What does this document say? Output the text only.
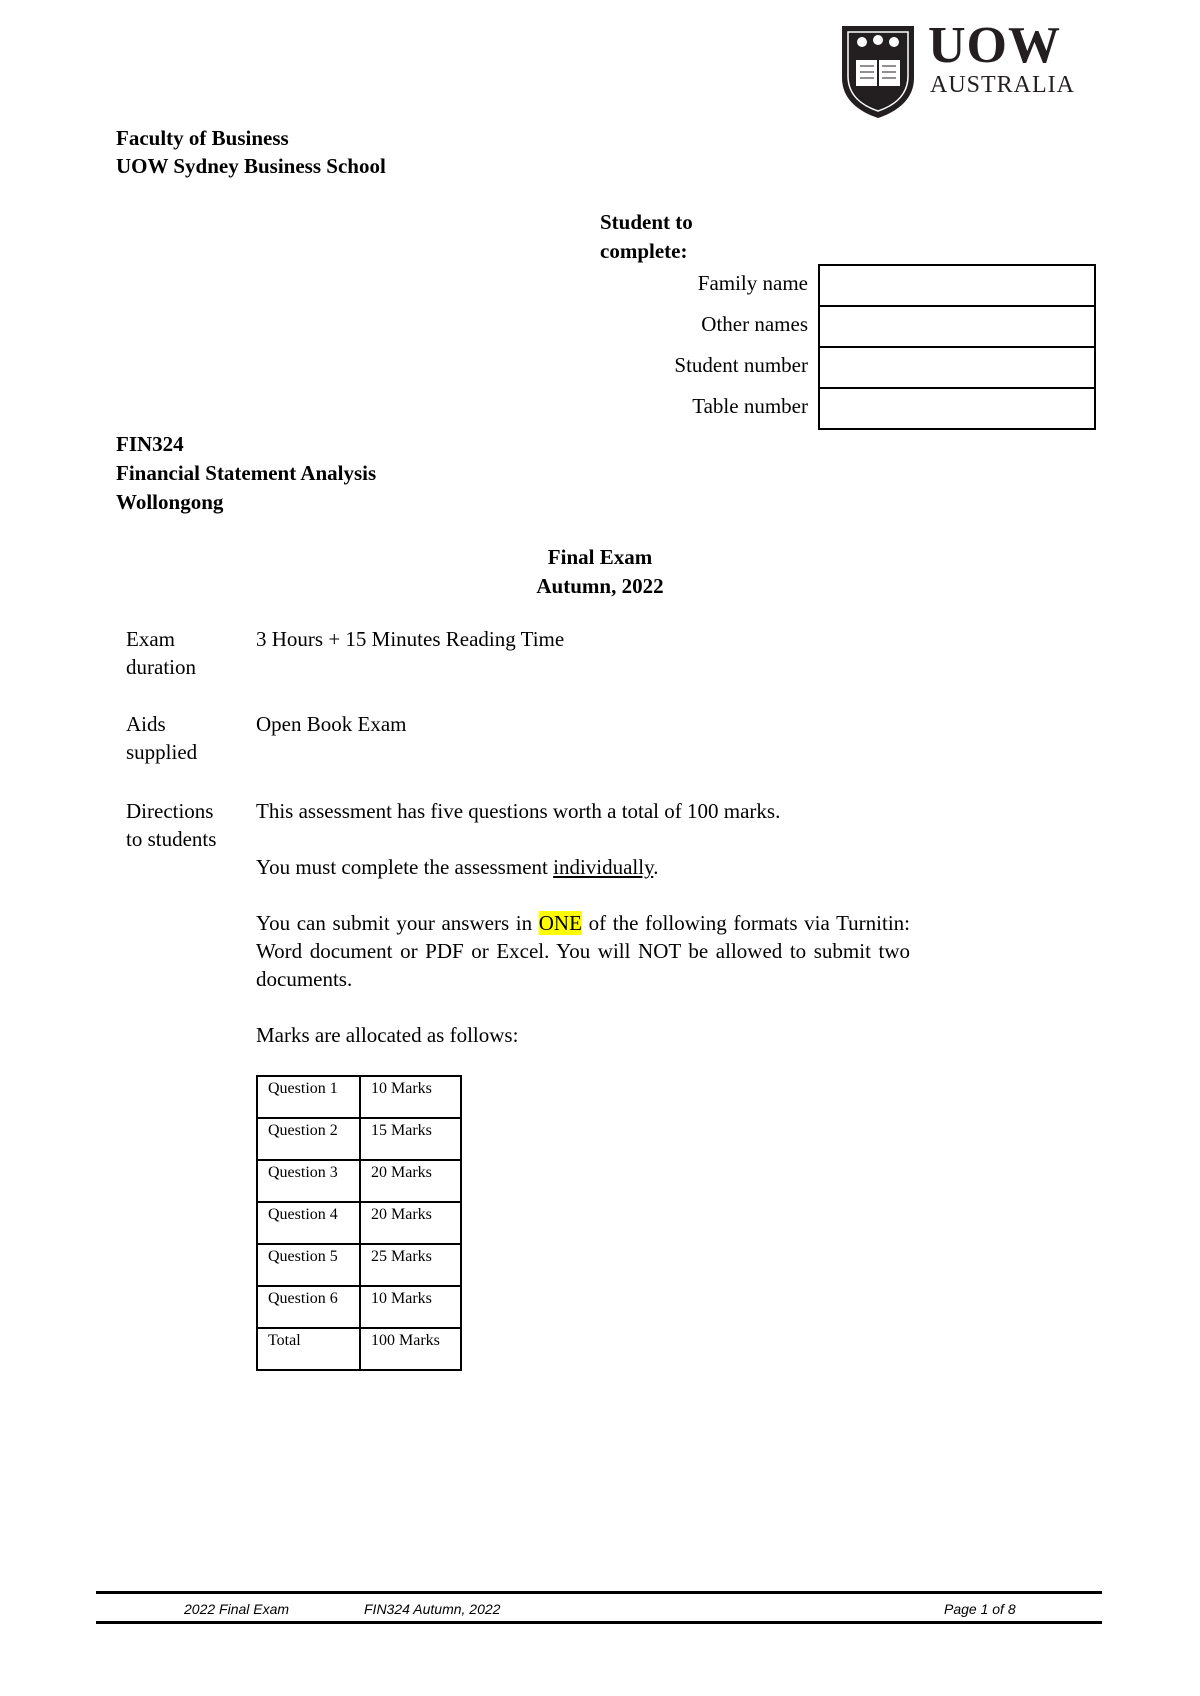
UOW
AUSTRALIA
Faculty of Business
UOW Sydney Business School
Student to
complete:
Family name
Other names
Student number
Table number
FIN324
Financial Statement Analysis
Wollongong
Final Exam
Autumn, 2022
Exam
duration
3 Hours + 15 Minutes Reading Time
Aids
supplied
Open Book Exam
Directions
to students

This assessment has five questions worth a total of 100 marks.

You must complete the assessment individually.

You can submit your answers in ONE of the following formats via Turnitin: Word document or PDF or Excel. You will NOT be allowed to submit two documents.

Marks are allocated as follows:

Question 1	10 Marks
Question 2	15 Marks
Question 3	20 Marks
Question 4	20 Marks
Question 5	25 Marks
Question 6	10 Marks
Total	100 Marks
2022 Final Exam	FIN324 Autumn, 2022	Page 1 of 8
